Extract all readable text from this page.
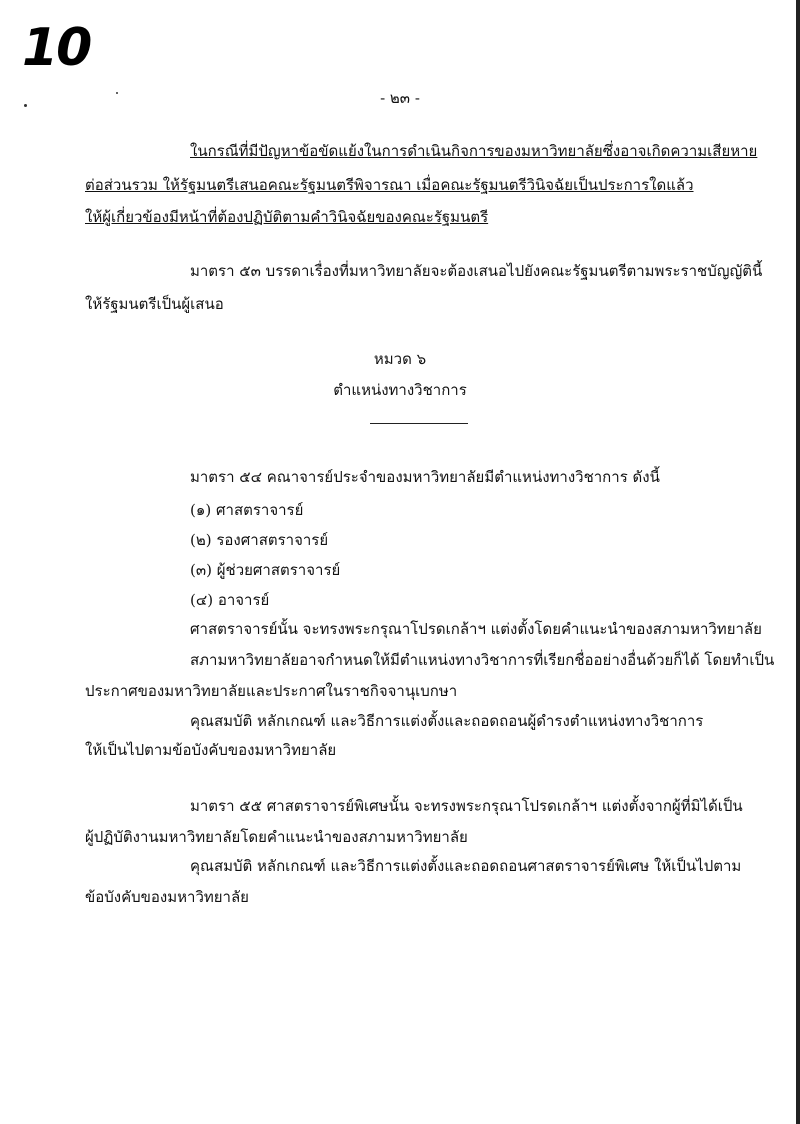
10
- ๒๓ -
ในกรณีที่มีปัญหาข้อขัดแย้งในการดำเนินกิจการของมหาวิทยาลัยซึ่งอาจเกิดความเสียหาย
ต่อส่วนรวม ให้รัฐมนตรีเสนอคณะรัฐมนตรีพิจารณา เมื่อคณะรัฐมนตรีวินิจฉัยเป็นประการใดแล้ว
ให้ผู้เกี่ยวข้องมีหน้าที่ต้องปฏิบัติตามคำวินิจฉัยของคณะรัฐมนตรี
มาตรา ๕๓ บรรดาเรื่องที่มหาวิทยาลัยจะต้องเสนอไปยังคณะรัฐมนตรีตามพระราชบัญญัตินี้
ให้รัฐมนตรีเป็นผู้เสนอ
หมวด ๖
ตำแหน่งทางวิชาการ
มาตรา ๕๔ คณาจารย์ประจำของมหาวิทยาลัยมีตำแหน่งทางวิชาการ ดังนี้
(๑) ศาสตราจารย์
(๒) รองศาสตราจารย์
(๓) ผู้ช่วยศาสตราจารย์
(๔) อาจารย์
ศาสตราจารย์นั้น จะทรงพระกรุณาโปรดเกล้าฯ แต่งตั้งโดยคำแนะนำของสภามหาวิทยาลัย
สภามหาวิทยาลัยอาจกำหนดให้มีตำแหน่งทางวิชาการที่เรียกชื่ออย่างอื่นด้วยก็ได้ โดยทำเป็น
ประกาศของมหาวิทยาลัยและประกาศในราชกิจจานุเบกษา
คุณสมบัติ หลักเกณฑ์ และวิธีการแต่งตั้งและถอดถอนผู้ดำรงตำแหน่งทางวิชาการ
ให้เป็นไปตามข้อบังคับของมหาวิทยาลัย
มาตรา ๕๕ ศาสตราจารย์พิเศษนั้น จะทรงพระกรุณาโปรดเกล้าฯ แต่งตั้งจากผู้ที่มิได้เป็น
ผู้ปฏิบัติงานมหาวิทยาลัยโดยคำแนะนำของสภามหาวิทยาลัย
คุณสมบัติ หลักเกณฑ์ และวิธีการแต่งตั้งและถอดถอนศาสตราจารย์พิเศษ ให้เป็นไปตาม
ข้อบังคับของมหาวิทยาลัย
